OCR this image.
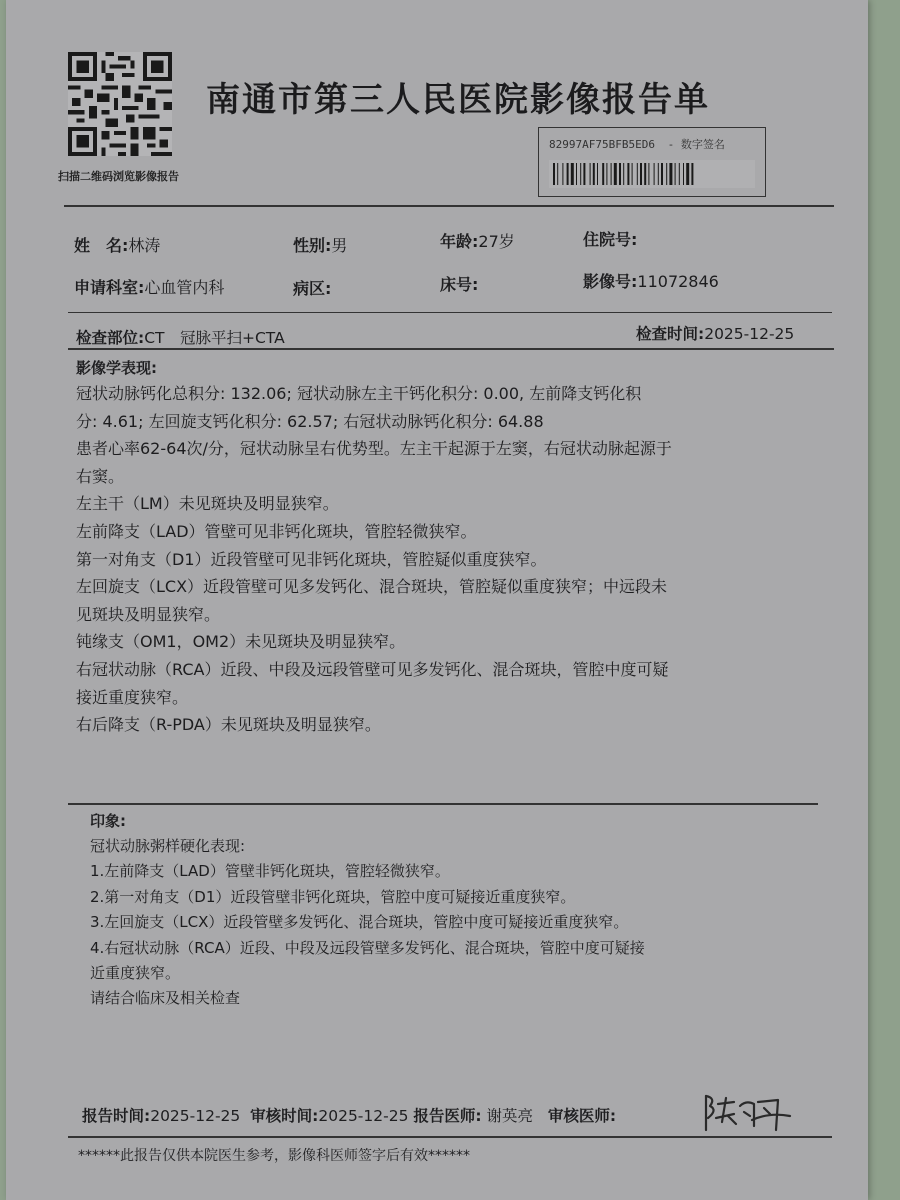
扫描二维码浏览影像报告
南通市第三人民医院影像报告单
82997AF75BFB5ED6 - 数字签名
姓　名:林涛	性别:男	年龄:27岁	住院号:
申请科室:心血管内科	病区:	床号:	影像号:11072846
检查部位:CT　冠脉平扫+CTA	检查时间:2025-12-25
影像学表现:

冠状动脉钙化总积分: 132.06; 冠状动脉左主干钙化积分: 0.00, 左前降支钙化积

分: 4.61; 左回旋支钙化积分: 62.57; 右冠状动脉钙化积分: 64.88

患者心率62-64次/分，冠状动脉呈右优势型。左主干起源于左窦，右冠状动脉起源于

右窦。

左主干（LM）未见斑块及明显狭窄。

左前降支（LAD）管壁可见非钙化斑块，管腔轻微狭窄。

第一对角支（D1）近段管壁可见非钙化斑块，管腔疑似重度狭窄。

左回旋支（LCX）近段管壁可见多发钙化、混合斑块，管腔疑似重度狭窄；中远段未

见斑块及明显狭窄。

钝缘支（OM1，OM2）未见斑块及明显狭窄。

右冠状动脉（RCA）近段、中段及远段管壁可见多发钙化、混合斑块，管腔中度可疑

接近重度狭窄。

右后降支（R-PDA）未见斑块及明显狭窄。

印象:

冠状动脉粥样硬化表现:

1.左前降支（LAD）管壁非钙化斑块，管腔轻微狭窄。

2.第一对角支（D1）近段管壁非钙化斑块，管腔中度可疑接近重度狭窄。

3.左回旋支（LCX）近段管壁多发钙化、混合斑块，管腔中度可疑接近重度狭窄。

4.右冠状动脉（RCA）近段、中段及远段管壁多发钙化、混合斑块，管腔中度可疑接

近重度狭窄。

请结合临床及相关检查

报告时间:2025-12-25 审核时间:2025-12-25 报告医师: 谢英亮 审核医师:
******此报告仅供本院医生参考，影像科医师签字后有效******
